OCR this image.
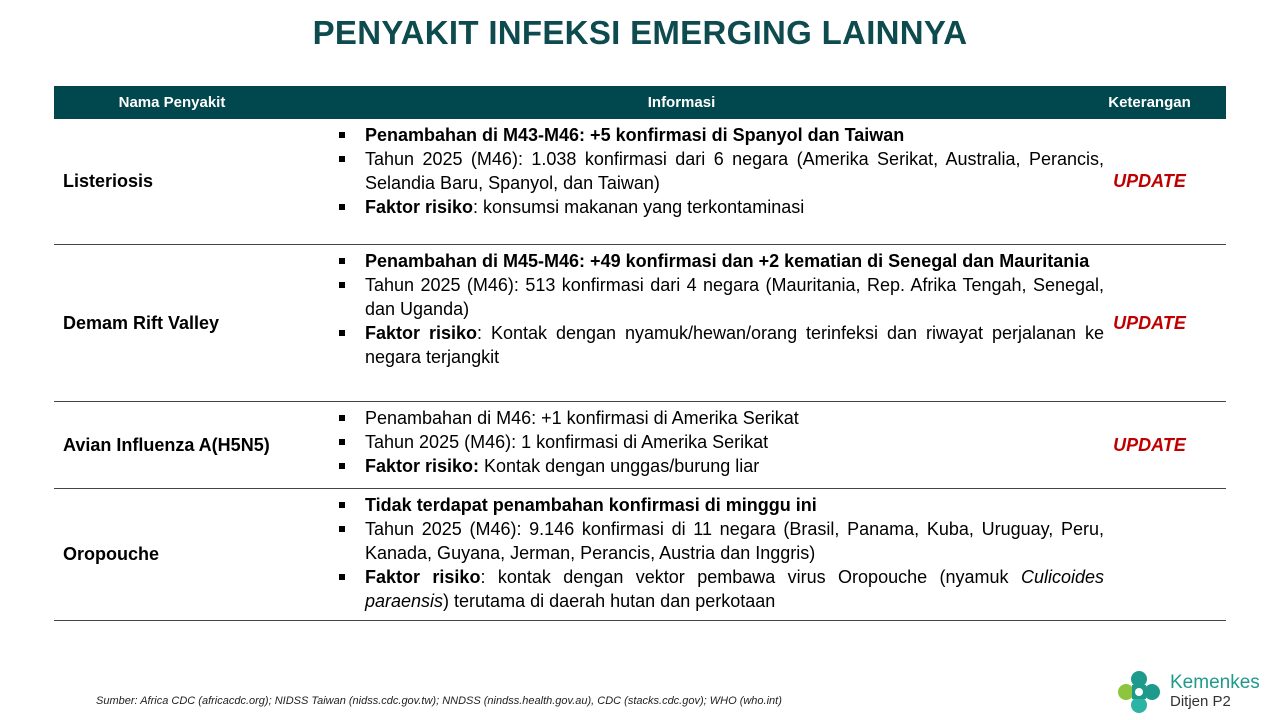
PENYAKIT INFEKSI EMERGING LAINNYA
Nama Penyakit	Informasi	Keterangan
Listeriosis
Penambahan di M43-M46: +5 konfirmasi di Spanyol dan Taiwan
Tahun 2025 (M46): 1.038 konfirmasi dari 6 negara (Amerika Serikat, Australia, Perancis, Selandia Baru, Spanyol, dan Taiwan)
Faktor risiko: konsumsi makanan yang terkontaminasi
UPDATE
Demam Rift Valley
Penambahan di M45-M46: +49 konfirmasi dan +2 kematian di Senegal dan Mauritania
Tahun 2025 (M46): 513 konfirmasi dari 4 negara (Mauritania, Rep. Afrika Tengah, Senegal, dan Uganda)
Faktor risiko: Kontak dengan nyamuk/hewan/orang terinfeksi dan riwayat perjalanan ke negara terjangkit
UPDATE
Avian Influenza A(H5N5)
Penambahan di M46: +1 konfirmasi di Amerika Serikat
Tahun 2025 (M46): 1 konfirmasi di Amerika Serikat
Faktor risiko: Kontak dengan unggas/burung liar
UPDATE
Oropouche
Tidak terdapat penambahan konfirmasi di minggu ini
Tahun 2025 (M46): 9.146 konfirmasi di 11 negara (Brasil, Panama, Kuba, Uruguay, Peru, Kanada, Guyana, Jerman, Perancis, Austria dan Inggris)
Faktor risiko: kontak dengan vektor pembawa virus Oropouche (nyamuk Culicoides paraensis) terutama di daerah hutan dan perkotaan
Sumber: Africa CDC (africacdc.org); NIDSS Taiwan (nidss.cdc.gov.tw); NNDSS (nindss.health.gov.au), CDC (stacks.cdc.gov); WHO (who.int)
Kemenkes
Ditjen P2
